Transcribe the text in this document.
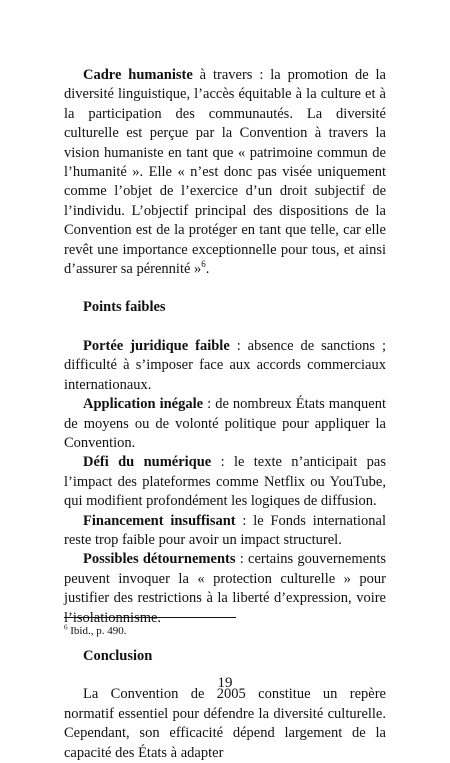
Cadre humaniste à travers : la promotion de la diversité linguistique, l’accès équitable à la culture et à la participation des communautés. La diversité culturelle est perçue par la Convention à travers la vision humaniste en tant que « patrimoine commun de l’humanité ». Elle « n’est donc pas visée uniquement comme l’objet de l’exercice d’un droit subjectif de l’individu. L’objectif principal des dispositions de la Convention est de la protéger en tant que telle, car elle revêt une importance exceptionnelle pour tous, et ainsi d’assurer sa pérennité »$^6$.

Points faibles

Portée juridique faible : absence de sanctions ; difficulté à s’imposer face aux accords commerciaux internationaux.

Application inégale : de nombreux États manquent de moyens ou de volonté politique pour appliquer la Convention.

Défi du numérique : le texte n’anticipait pas l’impact des plateformes comme Netflix ou YouTube, qui modifient profondément les logiques de diffusion.

Financement insuffisant : le Fonds international reste trop faible pour avoir un impact structurel.

Possibles détournements : certains gouvernements peuvent invoquer la « protection culturelle » pour justifier des restrictions à la liberté d’expression, voire l’isolationnisme.

Conclusion

La Convention de 2005 constitue un repère normatif essentiel pour défendre la diversité culturelle. Cependant, son efficacité dépend largement de la capacité des États à adapter

$^6$ Ibid., p. 490.
19
